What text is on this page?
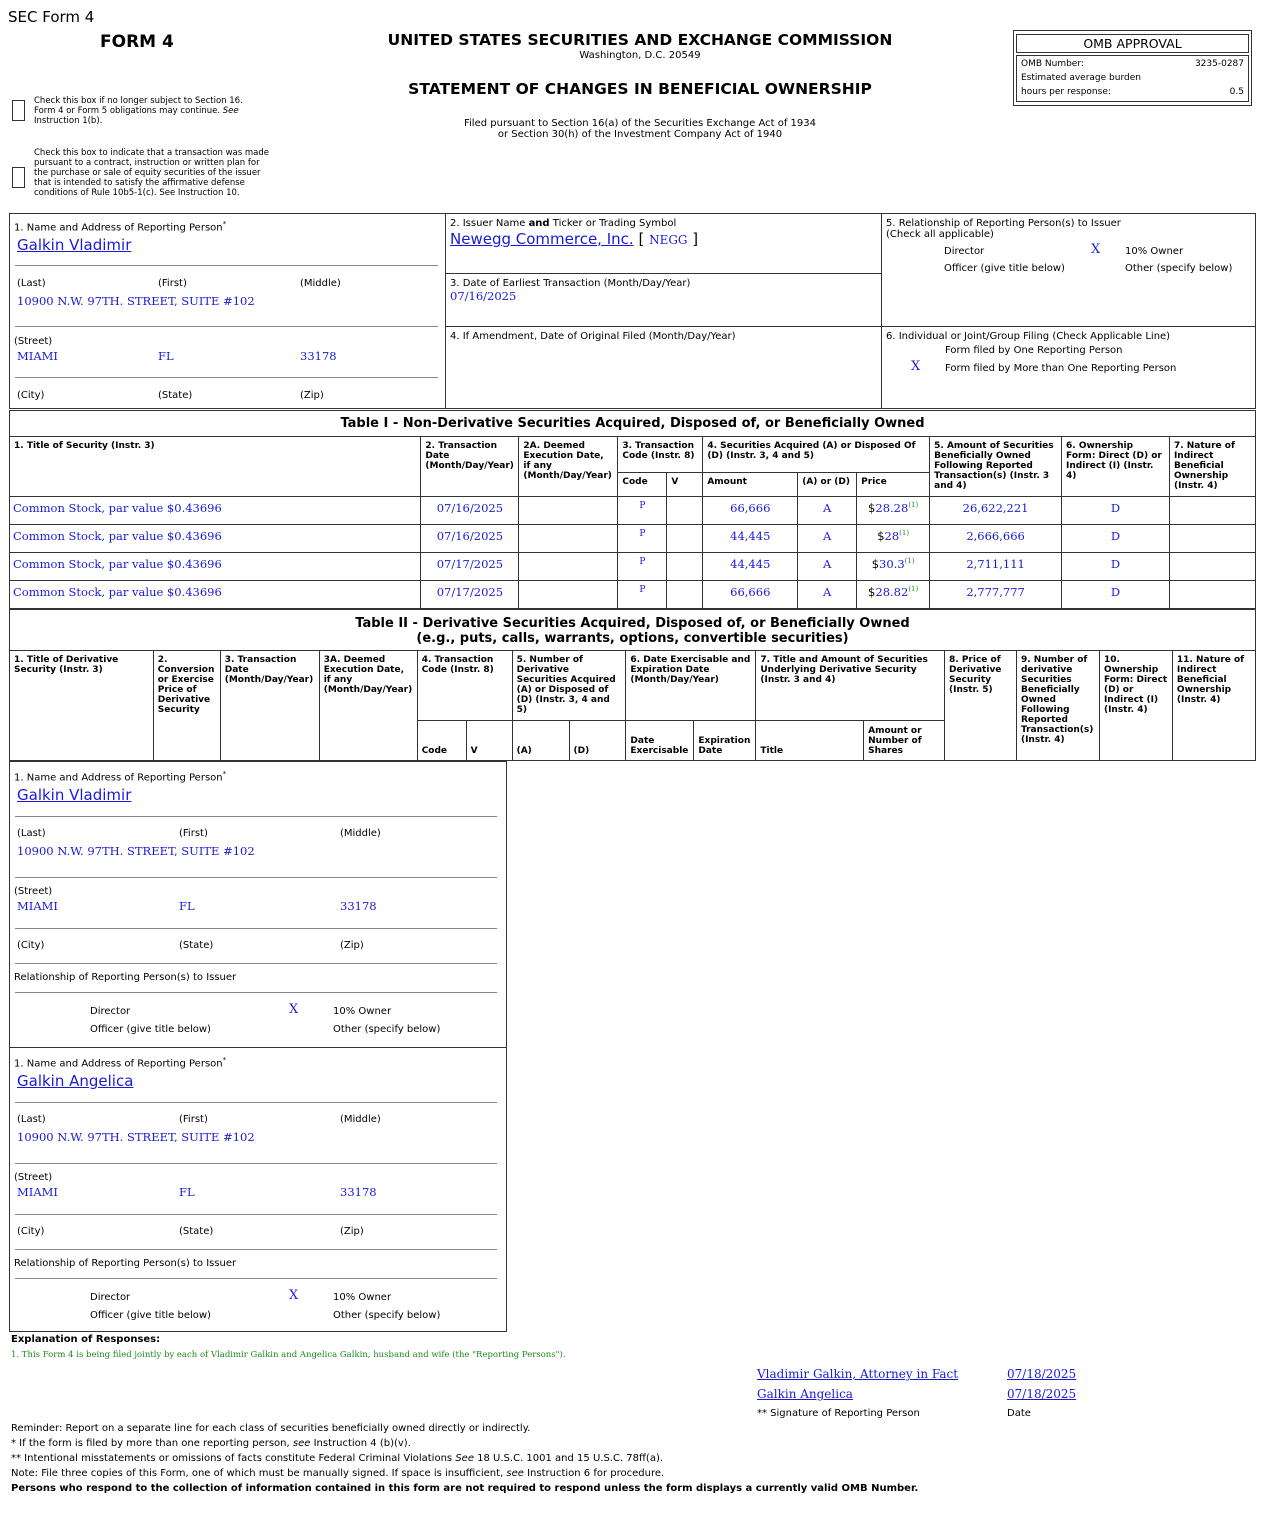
SEC Form 4
FORM 4
Check this box if no longer subject to Section 16. Form 4 or Form 5 obligations may continue. See Instruction 1(b).
Check this box to indicate that a transaction was made pursuant to a contract, instruction or written plan for the purchase or sale of equity securities of the issuer that is intended to satisfy the affirmative defense conditions of Rule 10b5-1(c). See Instruction 10.
UNITED STATES SECURITIES AND EXCHANGE COMMISSION
Washington, D.C. 20549
STATEMENT OF CHANGES IN BENEFICIAL OWNERSHIP
Filed pursuant to Section 16(a) of the Securities Exchange Act of 1934
or Section 30(h) of the Investment Company Act of 1940
OMB APPROVAL
OMB Number:	3235-0287
Estimated average burden
hours per response:	0.5
1. Name and Address of Reporting Person*
Galkin Vladimir
(Last)	(First)	(Middle)
10900 N.W. 97TH. STREET, SUITE #102
(Street)
MIAMI	FL	33178
(City)	(State)	(Zip)
2. Issuer Name and Ticker or Trading Symbol
Newegg Commerce, Inc. [ NEGG ]
3. Date of Earliest Transaction (Month/Day/Year)
07/16/2025
4. If Amendment, Date of Original Filed (Month/Day/Year)
5. Relationship of Reporting Person(s) to Issuer
(Check all applicable)
Director	X 10% Owner
Officer (give title below)	Other (specify below)
6. Individual or Joint/Group Filing (Check Applicable Line)
Form filed by One Reporting Person
X Form filed by More than One Reporting Person
Table I - Non-Derivative Securities Acquired, Disposed of, or Beneficially Owned
1. Title of Security (Instr. 3)	2. Transaction Date (Month/Day/Year)	2A. Deemed Execution Date, if any (Month/Day/Year)	3. Transaction Code (Instr. 8)		4. Securities Acquired (A) or Disposed Of (D) (Instr. 3, 4 and 5)			5. Amount of Securities Beneficially Owned Following Reported Transaction(s) (Instr. 3 and 4)	6. Ownership Form: Direct (D) or Indirect (I) (Instr. 4)	7. Nature of Indirect Beneficial Ownership (Instr. 4)
			Code	V	Amount	(A) or (D)	Price			
Common Stock, par value $0.43696	07/16/2025		P		66,666	A	$28.28$^{(1)}$	26,622,221	D	
Common Stock, par value $0.43696	07/16/2025		P		44,445	A	$28$^{(1)}$	2,666,666	D	
Common Stock, par value $0.43696	07/17/2025		P		44,445	A	$30.3$^{(1)}$	2,711,111	D	
Common Stock, par value $0.43696	07/17/2025		P		66,666	A	$28.82$^{(1)}$	2,777,777	D	
Table II - Derivative Securities Acquired, Disposed of, or Beneficially Owned
(e.g., puts, calls, warrants, options, convertible securities)
1. Title of Derivative Security (Instr. 3)	2. Conversion or Exercise Price of Derivative Security	3. Transaction Date (Month/Day/Year)	3A. Deemed Execution Date, if any (Month/Day/Year)	4. Transaction Code (Instr. 8)		5. Number of Derivative Securities Acquired (A) or Disposed of (D) (Instr. 3, 4 and 5)		6. Date Exercisable and Expiration Date (Month/Day/Year)		7. Title and Amount of Securities Underlying Derivative Security (Instr. 3 and 4)		8. Price of Derivative Security (Instr. 5)	9. Number of derivative Securities Beneficially Owned Following Reported Transaction(s) (Instr. 4)	10. Ownership Form: Direct (D) or Indirect (I) (Instr. 4)	11. Nature of Indirect Beneficial Ownership (Instr. 4)
				Code	V	(A)	(D)	Date Exercisable	Expiration Date	Title	Amount or Number of Shares				
1. Name and Address of Reporting Person*
Galkin Vladimir
(Last)	(First)	(Middle)
10900 N.W. 97TH. STREET, SUITE #102
(Street)
MIAMI	FL	33178
(City)	(State)	(Zip)
Relationship of Reporting Person(s) to Issuer
Director	X	10% Owner
Officer (give title below)	Other (specify below)
1. Name and Address of Reporting Person*
Galkin Angelica
(Last)	(First)	(Middle)
10900 N.W. 97TH. STREET, SUITE #102
(Street)
MIAMI	FL	33178
(City)	(State)	(Zip)
Relationship of Reporting Person(s) to Issuer
Director	X	10% Owner
Officer (give title below)	Other (specify below)
Explanation of Responses:
1. This Form 4 is being filed jointly by each of Vladimir Galkin and Angelica Galkin, husband and wife (the "Reporting Persons").
Vladimir Galkin, Attorney in Fact	07/18/2025
Galkin Angelica	07/18/2025
** Signature of Reporting Person	Date
Reminder: Report on a separate line for each class of securities beneficially owned directly or indirectly.
* If the form is filed by more than one reporting person, see Instruction 4 (b)(v).
** Intentional misstatements or omissions of facts constitute Federal Criminal Violations See 18 U.S.C. 1001 and 15 U.S.C. 78ff(a).
Note: File three copies of this Form, one of which must be manually signed. If space is insufficient, see Instruction 6 for procedure.
Persons who respond to the collection of information contained in this form are not required to respond unless the form displays a currently valid OMB Number.
